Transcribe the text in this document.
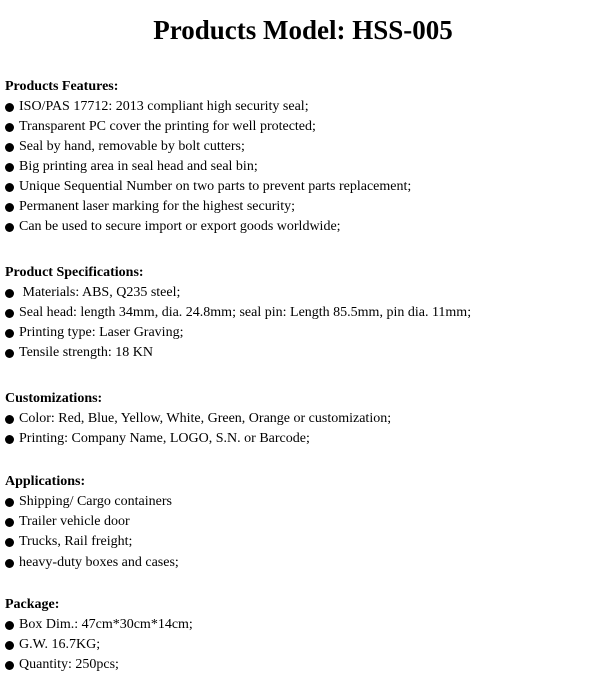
Products Model: HSS-005
Products Features:
ISO/PAS 17712: 2013 compliant high security seal;
Transparent PC cover the printing for well protected;
Seal by hand, removable by bolt cutters;
Big printing area in seal head and seal bin;
Unique Sequential Number on two parts to prevent parts replacement;
Permanent laser marking for the highest security;
Can be used to secure import or export goods worldwide;
Product Specifications:
Materials: ABS, Q235 steel;
Seal head: length 34mm, dia. 24.8mm; seal pin: Length 85.5mm, pin dia. 11mm;
Printing type: Laser Graving;
Tensile strength: 18 KN
Customizations:
Color: Red, Blue, Yellow, White, Green, Orange or customization;
Printing: Company Name, LOGO, S.N. or Barcode;
Applications:
Shipping/ Cargo containers
Trailer vehicle door
Trucks, Rail freight;
heavy-duty boxes and cases;
Package:
Box Dim.: 47cm*30cm*14cm;
G.W. 16.7KG;
Quantity: 250pcs;
